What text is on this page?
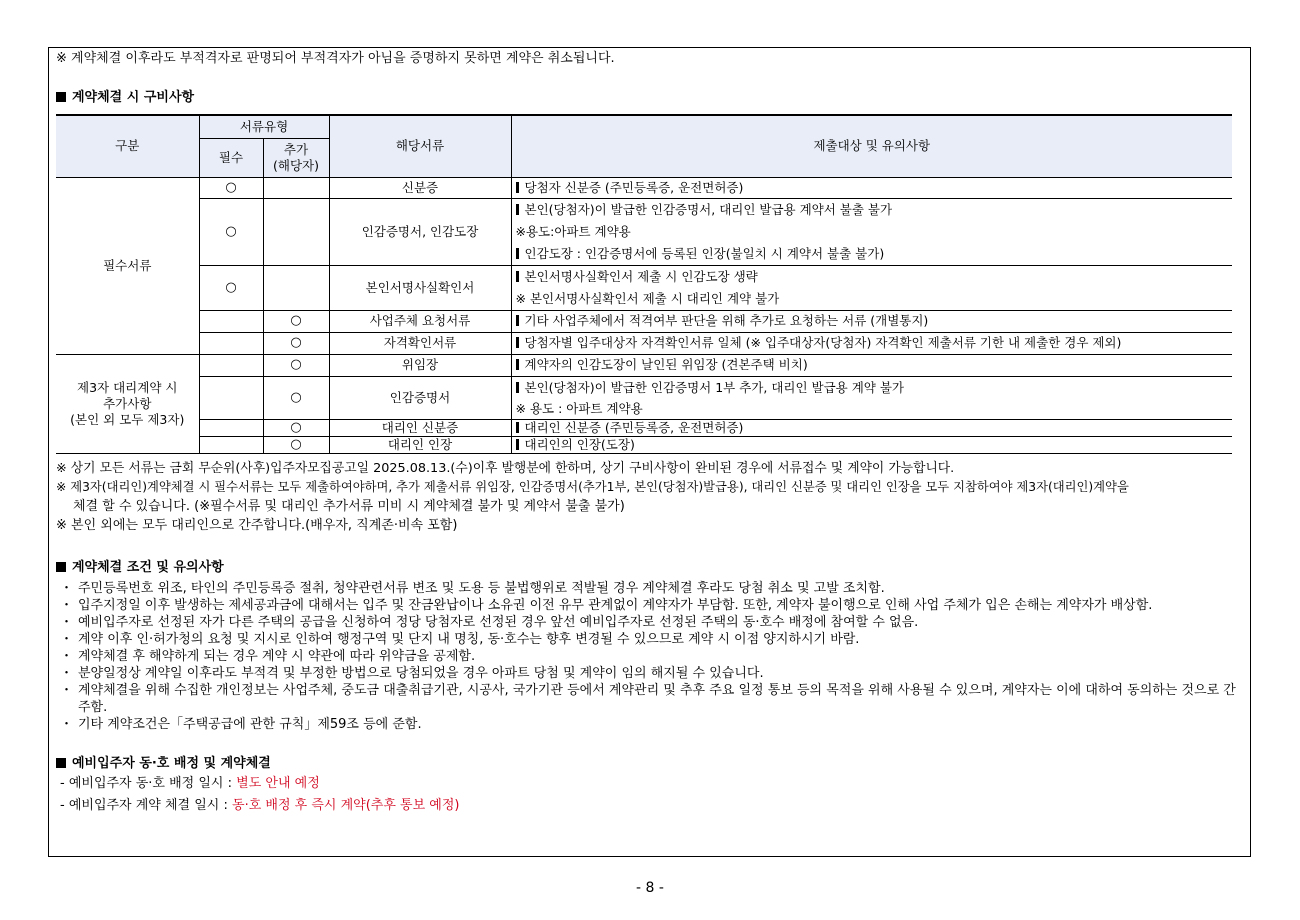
※ 계약체결 이후라도 부적격자로 판명되어 부적격자가 아님을 증명하지 못하면 계약은 취소됩니다.
계약체결 시 구비사항
구분	서류유형		해당서류	제출대상 및 유의사항
	필수	추가
(해당자)		

필수서류	○		신분증	당첨자 신분증 (주민등록증, 운전면허증)
	○		인감증명서, 인감도장	본인(당첨자)이 발급한 인감증명서, 대리인 발급용 계약서 불출 불가
※용도:아파트 계약용
인감도장 : 인감증명서에 등록된 인장(불일치 시 계약서 불출 불가)

	○		본인서명사실확인서	본인서명사실확인서 제출 시 인감도장 생략
※ 본인서명사실확인서 제출 시 대리인 계약 불가

		○	사업주체 요청서류	기타 사업주체에서 적격여부 판단을 위해 추가로 요청하는 서류 (개별통지)
		○	자격확인서류	당첨자별 입주대상자 자격확인서류 일체 (※ 입주대상자(당첨자) 자격확인 제출서류 기한 내 제출한 경우 제외)

제3자 대리계약 시
추가사항
(본인 외 모두 제3자)		○	위임장	계약자의 인감도장이 날인된 위임장 (견본주택 비치)
		○	인감증명서	본인(당첨자)이 발급한 인감증명서 1부 추가, 대리인 발급용 계약 불가
※ 용도 : 아파트 계약용

		○	대리인 신분증	대리인 신분증 (주민등록증, 운전면허증)
		○	대리인 인장	대리인의 인장(도장)
※ 상기 모든 서류는 금회 무순위(사후)입주자모집공고일 2025.08.13.(수)이후 발행분에 한하며, 상기 구비사항이 완비된 경우에 서류접수 및 계약이 가능합니다.
※ 제3자(대리인)계약체결 시 필수서류는 모두 제출하여야하며, 추가 제출서류 위임장, 인감증명서(추가1부, 본인(당첨자)발급용), 대리인 신분증 및 대리인 인장을 모두 지참하여야 제3자(대리인)계약을
체결 할 수 있습니다. (※필수서류 및 대리인 추가서류 미비 시 계약체결 불가 및 계약서 불출 불가)
※ 본인 외에는 모두 대리인으로 간주합니다.(배우자, 직계존·비속 포함)
계약체결 조건 및 유의사항
・ 주민등록번호 위조, 타인의 주민등록증 절취, 청약관련서류 변조 및 도용 등 불법행위로 적발될 경우 계약체결 후라도 당첨 취소 및 고발 조치함.
・ 입주지정일 이후 발생하는 제세공과금에 대해서는 입주 및 잔금완납이나 소유권 이전 유무 관계없이 계약자가 부담함. 또한, 계약자 불이행으로 인해 사업 주체가 입은 손해는 계약자가 배상함.
・ 예비입주자로 선정된 자가 다른 주택의 공급을 신청하여 정당 당첨자로 선정된 경우 앞선 예비입주자로 선정된 주택의 동·호수 배정에 참여할 수 없음.
・ 계약 이후 인·허가청의 요청 및 지시로 인하여 행정구역 및 단지 내 명칭, 동·호수는 향후 변경될 수 있으므로 계약 시 이점 양지하시기 바람.
・ 계약체결 후 해약하게 되는 경우 계약 시 약관에 따라 위약금을 공제함.
・ 분양일정상 계약일 이후라도 부적격 및 부정한 방법으로 당첨되었을 경우 아파트 당첨 및 계약이 임의 해지될 수 있습니다.
・ 계약체결을 위해 수집한 개인정보는 사업주체, 중도금 대출취급기관, 시공사, 국가기관 등에서 계약관리 및 추후 주요 일정 통보 등의 목적을 위해 사용될 수 있으며, 계약자는 이에 대하여 동의하는 것으로 간주함.
・ 기타 계약조건은「주택공급에 관한 규칙」제59조 등에 준함.
예비입주자 동·호 배정 및 계약체결
- 예비입주자 동·호 배정 일시 : 별도 안내 예정
- 예비입주자 계약 체결 일시 : 동·호 배정 후 즉시 계약(추후 통보 예정)
- 8 -
